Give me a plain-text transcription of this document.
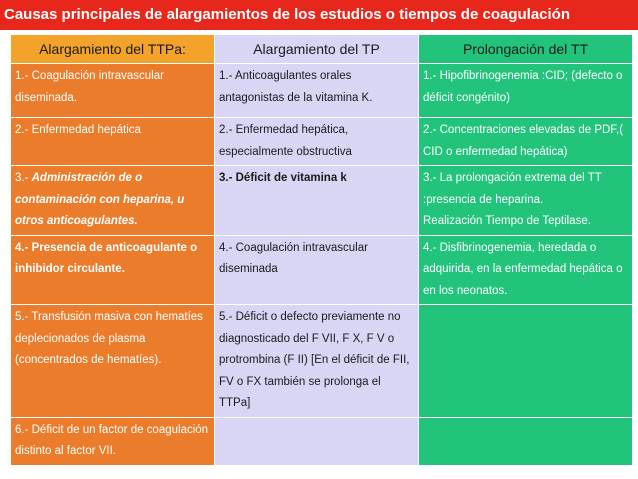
Causas principales de alargamientos de los estudios o tiempos de coagulación
Alargamiento del TTPa:	Alargamiento del TP	Prolongación del TT
1.- Coagulación intravascular diseminada.	1.- Anticoagulantes orales antagonistas de la vitamina K.	1.- Hipofibrinogenemia :CID; (defecto o déficit congénito)
2.- Enfermedad hepática	2.- Enfermedad hepática, especialmente obstructiva	2.- Concentraciones elevadas de PDF,( CID o enfermedad hepática)
3.- Administración de o contaminación con heparina, u otros anticoagulantes.	3.- Déficit de vitamina k	3.- La prolongación extrema del TT :presencia de heparina.
Realización Tiempo de Teptilase.
4.- Presencia de anticoagulante o inhibidor circulante.	4.- Coagulación intravascular diseminada	4.- Disfibrinogenemia, heredada o adquirida, en la enfermedad hepática o en los neonatos.
5.- Transfusión masiva con hematíes deplecionados de plasma (concentrados de hematíes).	5.- Déficit o defecto previamente no diagnosticado del F VII, F X, F V o protrombina (F II) [En el déficit de FII, FV o FX también se prolonga el TTPa]	
6.- Déficit de un factor de coagulación distinto al factor VII.		
